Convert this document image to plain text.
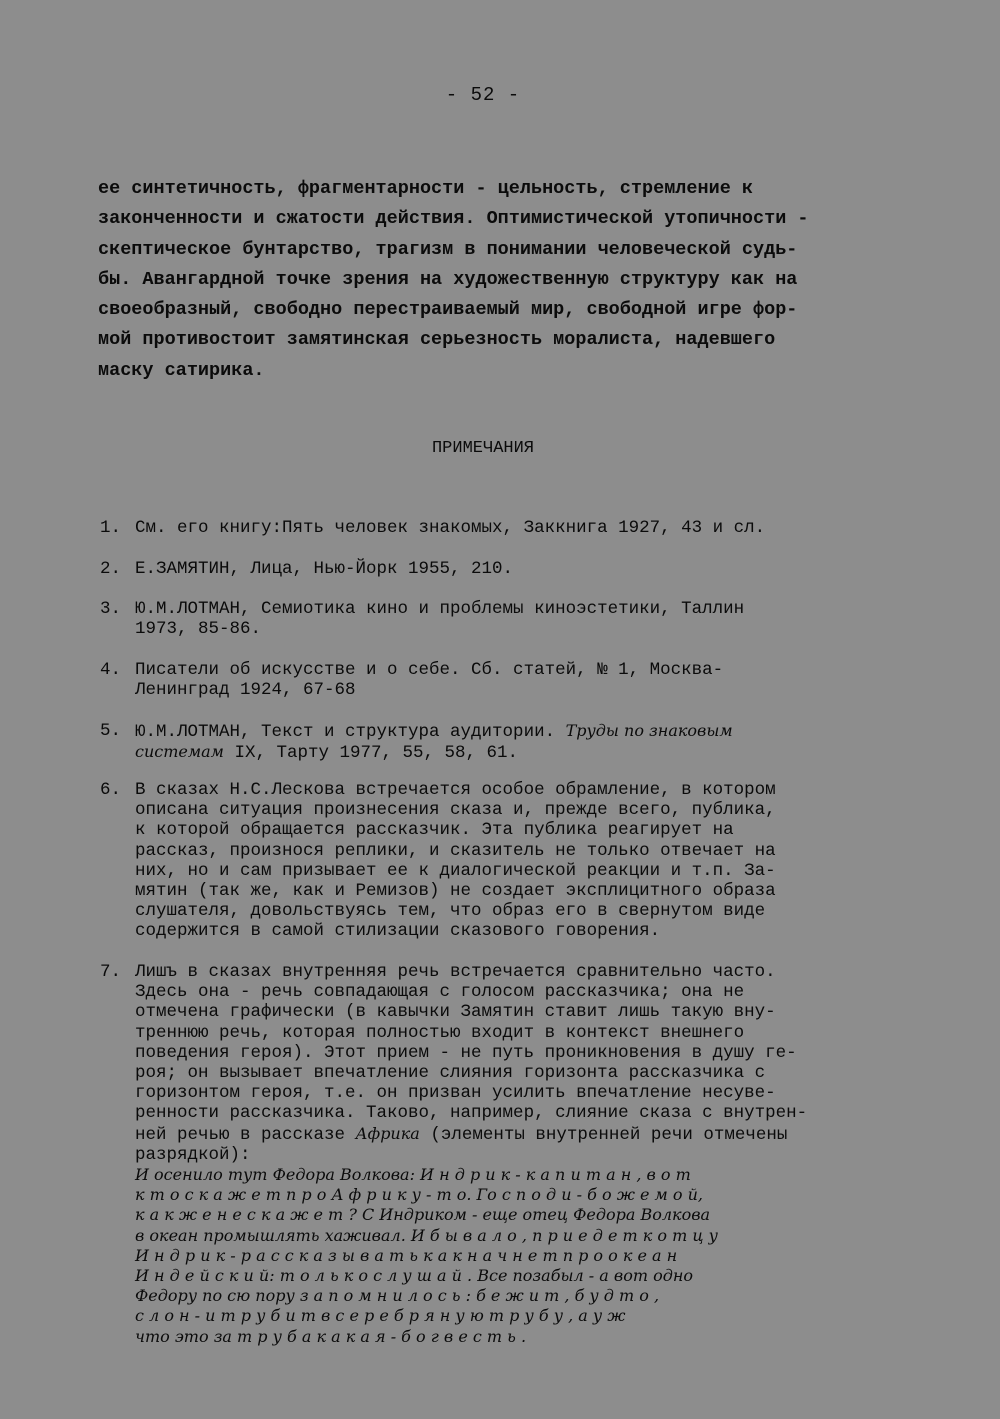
- 52 -
ее синтетичность, фрагментарности - цельность, стремление к
законченности и сжатости действия. Оптимистической утопичности -
скептическое бунтарство, трагизм в понимании человеческой судь-
бы. Авангардной точке зрения на художественную структуру как на
своеобразный, свободно перестраиваемый мир, свободной игре фор-
мой противостоит замятинская серьезность моралиста, надевшего
маску сатирика.
ПРИМЕЧАНИЯ
1. См. его книгу:Пять человек знакомых, Заккнига 1927, 43 и сл.
2. Е.ЗАМЯТИН, Лица, Нью-Йорк 1955, 210.
3. Ю.М.ЛОТМАН, Семиотика кино и проблемы киноэстетики, Таллин
1973, 85-86.
4. Писатели об искусстве и о себе. Сб. статей, № 1, Москва-
Ленинград 1924, 67-68
5. Ю.М.ЛОТМАН, Текст и структура аудитории. Труды по знаковым
системам IX, Тарту 1977, 55, 58, 61.
6. В сказах Н.С.Лескова встречается особое обрамление, в котором
описана ситуация произнесения сказа и, прежде всего, публика,
к которой обращается рассказчик. Эта публика реагирует на
рассказ, произнося реплики, и сказитель не только отвечает на
них, но и сам призывает ее к диалогической реакции и т.п. За-
мятин (так же, как и Ремизов) не создает эксплицитного образа
слушателя, довольствуясь тем, что образ его в свернутом виде
содержится в самой стилизации сказового говорения.
7. Лишъ в сказах внутренняя речь встречается сравнительно часто.
Здесь она - речь совпадающая с голосом рассказчика; она не
отмечена графически (в кавычки Замятин ставит лишь такую вну-
треннюю речь, которая полностью входит в контекст внешнего
поведения героя). Этот прием - не путь проникновения в душу ге-
роя; он вызывает впечатление слияния горизонта рассказчика с
горизонтом героя, т.е. он призван усилить впечатление несуве-
ренности рассказчика. Таково, например, слияние сказа с внутрен-
ней речью в рассказе Африка (элементы внутренней речи отмечены
разрядкой):
И осенило тут Федора Волкова: И н д р и к - к а п и т а н , в о т
к т о с к а ж е т п р о А ф р и к у - т о. Го с п о д и - б о ж е м о й,
к а к ж е н е с к а ж е т ? С Индриком - еще отец Федора Волкова
в океан промышлять хаживал. И б ы в а л о , п р и е д е т к о т ц у
И н д р и к - р а с с к а з ы в а т ь к а к н а ч н е т п р о о к е а н
И н д е й с к и й: т о л ь к о с л у ш а й . Все позабыл - а вот одно
Федору по сю пору з а п о м н и л о с ь : б е ж и т , б у д т о ,
с л о н - и т р у б и т в с е р е б р я н у ю т р у б у , а у ж
что это за т р у б а к а к а я - б о г в е с т ь .
